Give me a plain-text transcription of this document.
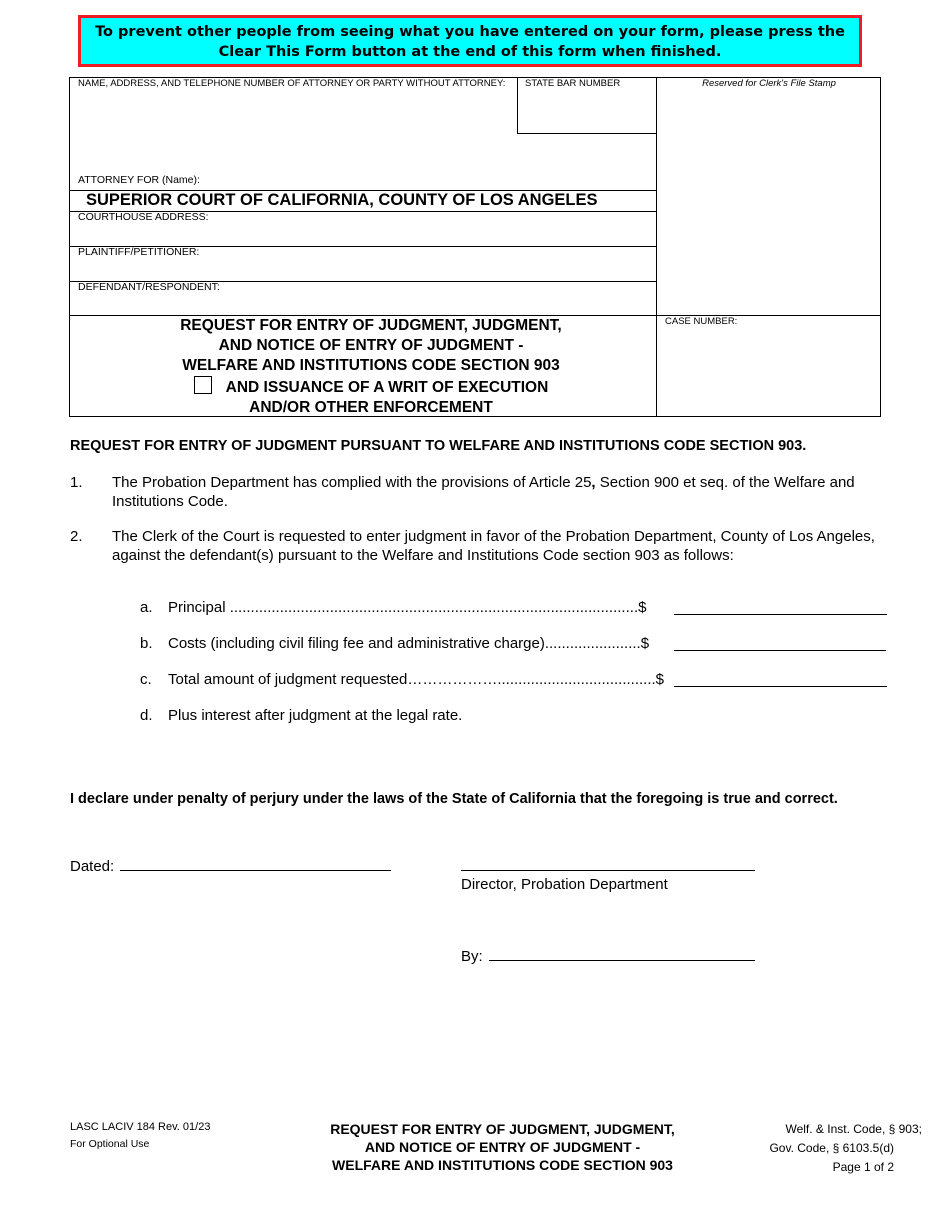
To prevent other people from seeing what you have entered on your form, please press the
Clear This Form button at the end of this form when finished.
NAME, ADDRESS, AND TELEPHONE NUMBER OF ATTORNEY OR PARTY WITHOUT ATTORNEY: STATE BAR NUMBER	Reserved for Clerk's File Stamp
ATTORNEY FOR (Name):
SUPERIOR COURT OF CALIFORNIA, COUNTY OF LOS ANGELES
COURTHOUSE ADDRESS:
PLAINTIFF/PETITIONER:
DEFENDANT/RESPONDENT:
CASE NUMBER:
REQUEST FOR ENTRY OF JUDGMENT, JUDGMENT,
AND NOTICE OF ENTRY OF JUDGMENT -
WELFARE AND INSTITUTIONS CODE SECTION 903
AND ISSUANCE OF A WRIT OF EXECUTION
AND/OR OTHER ENFORCEMENT
REQUEST FOR ENTRY OF JUDGMENT PURSUANT TO WELFARE AND INSTITUTIONS CODE SECTION 903.
1. The Probation Department has complied with the provisions of Article 25, Section 900 et seq. of the Welfare and
Institutions Code.
2. The Clerk of the Court is requested to enter judgment in favor of the Probation Department, County of Los Angeles,
against the defendant(s) pursuant to the Welfare and Institutions Code section 903 as follows:
a. Principal ..................................................................................................$
b. Costs (including civil filing fee and administrative charge).......................$
c. Total amount of judgment requested………………......................................$
d. Plus interest after judgment at the legal rate.
I declare under penalty of perjury under the laws of the State of California that the foregoing is true and correct.
Dated:
Director, Probation Department
By:
LASC LACIV 184 Rev. 01/23
For Optional Use
REQUEST FOR ENTRY OF JUDGMENT, JUDGMENT,
AND NOTICE OF ENTRY OF JUDGMENT -
WELFARE AND INSTITUTIONS CODE SECTION 903
Welf. & Inst. Code, § 903;
Gov. Code, § 6103.5(d)
Page 1 of 2
